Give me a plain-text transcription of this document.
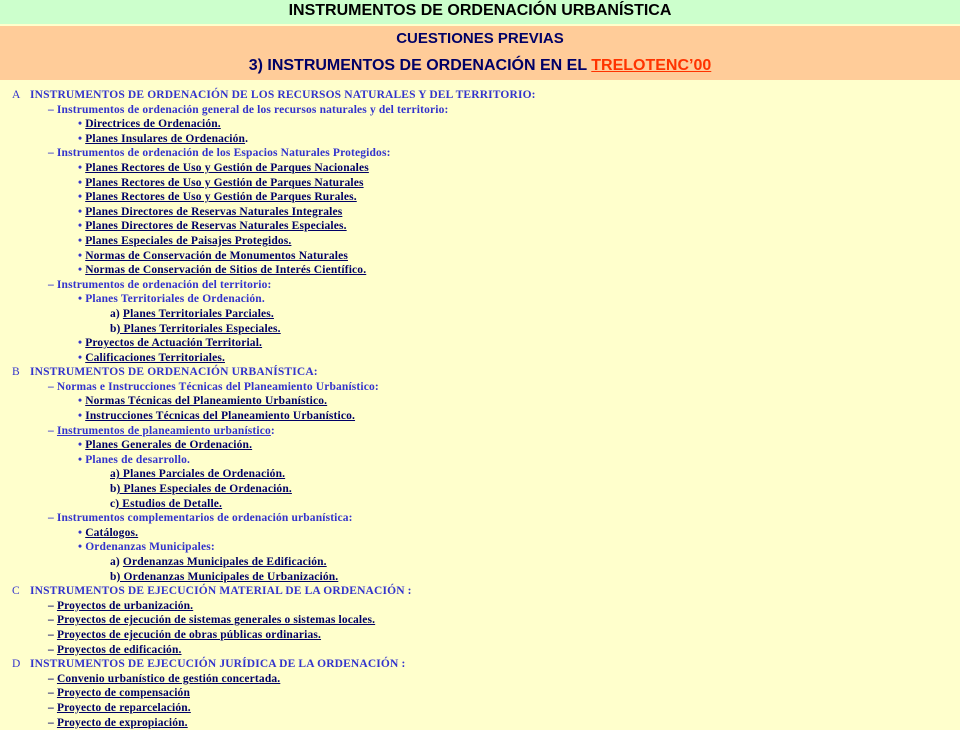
INSTRUMENTOS DE ORDENACIÓN URBANÍSTICA
CUESTIONES PREVIAS
3) INSTRUMENTOS DE ORDENACIÓN EN EL TRELOTENC’00
A INSTRUMENTOS DE ORDENACIÓN DE LOS RECURSOS NATURALES Y DEL TERRITORIO:
– Instrumentos de ordenación general de los recursos naturales y del territorio:
• Directrices de Ordenación.
• Planes Insulares de Ordenación.
– Instrumentos de ordenación de los Espacios Naturales Protegidos:
• Planes Rectores de Uso y Gestión de Parques Nacionales
• Planes Rectores de Uso y Gestión de Parques Naturales
• Planes Rectores de Uso y Gestión de Parques Rurales.
• Planes Directores de Reservas Naturales Integrales
• Planes Directores de Reservas Naturales Especiales.
• Planes Especiales de Paisajes Protegidos.
• Normas de Conservación de Monumentos Naturales
• Normas de Conservación de Sitios de Interés Científico.
– Instrumentos de ordenación del territorio:
• Planes Territoriales de Ordenación.
a) Planes Territoriales Parciales.
b) Planes Territoriales Especiales.
• Proyectos de Actuación Territorial.
• Calificaciones Territoriales.
B INSTRUMENTOS DE ORDENACIÓN URBANÍSTICA:
– Normas e Instrucciones Técnicas del Planeamiento Urbanístico:
• Normas Técnicas del Planeamiento Urbanístico.
• Instrucciones Técnicas del Planeamiento Urbanístico.
– Instrumentos de planeamiento urbanístico:
• Planes Generales de Ordenación.
• Planes de desarrollo.
a) Planes Parciales de Ordenación.
b) Planes Especiales de Ordenación.
c) Estudios de Detalle.
– Instrumentos complementarios de ordenación urbanística:
• Catálogos.
• Ordenanzas Municipales:
a) Ordenanzas Municipales de Edificación.
b) Ordenanzas Municipales de Urbanización.
C INSTRUMENTOS DE EJECUCIÓN MATERIAL DE LA ORDENACIÓN :
– Proyectos de urbanización.
– Proyectos de ejecución de sistemas generales o sistemas locales.
– Proyectos de ejecución de obras públicas ordinarias.
– Proyectos de edificación.
D INSTRUMENTOS DE EJECUCIÓN JURÍDICA DE LA ORDENACIÓN :
– Convenio urbanístico de gestión concertada.
– Proyecto de compensación
– Proyecto de reparcelación.
– Proyecto de expropiación.
